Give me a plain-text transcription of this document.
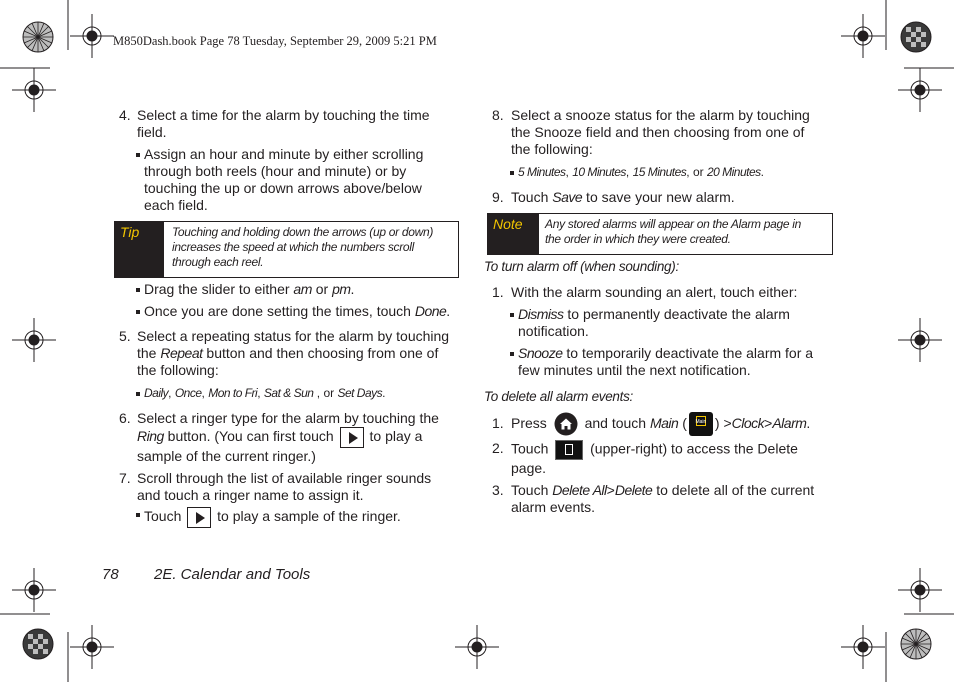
M850Dash.book Page 78 Tuesday, September 29, 2009 5:21 PM
4. Select a time for the alarm by touching the time
field.
Assign an hour and minute by either scrolling
through both reels (hour and minute) or by
touching the up or down arrows above/below
each field.
Tip	Touching and holding down the arrows (up or down)
increases the speed at which the numbers scroll
through each reel.
Drag the slider to either am or pm.
Once you are done setting the times, touch Done.
5. Select a repeating status for the alarm by touching
the Repeat button and then choosing from one of
the following:
Daily, Once, Mon to Fri, Sat & Sun , or Set Days.
6. Select a ringer type for the alarm by touching the
Ring button. (You can first touch  to play a
sample of the current ringer.)
7. Scroll through the list of available ringer sounds
and touch a ringer name to assign it.
Touch  to play a sample of the ringer.
8. Select a snooze status for the alarm by touching
the Snooze field and then choosing from one of
the following:
5 Minutes, 10 Minutes, 15 Minutes, or 20 Minutes.
9. Touch Save to save your new alarm.
Note	Any stored alarms will appear on the Alarm page in
the order in which they were created.
To turn alarm off (when sounding):
1. With the alarm sounding an alert, touch either:
Dismiss to permanently deactivate the alarm
notification.
Snooze to temporarily deactivate the alarm for a
few minutes until the next notification.
To delete all alarm events:
1. Press  and touch Main (	Main ) >Clock>Alarm.
2. Touch  (upper-right) to access the Delete
page.
3. Touch Delete All>Delete to delete all of the current
alarm events.
78 2E. Calendar and Tools
